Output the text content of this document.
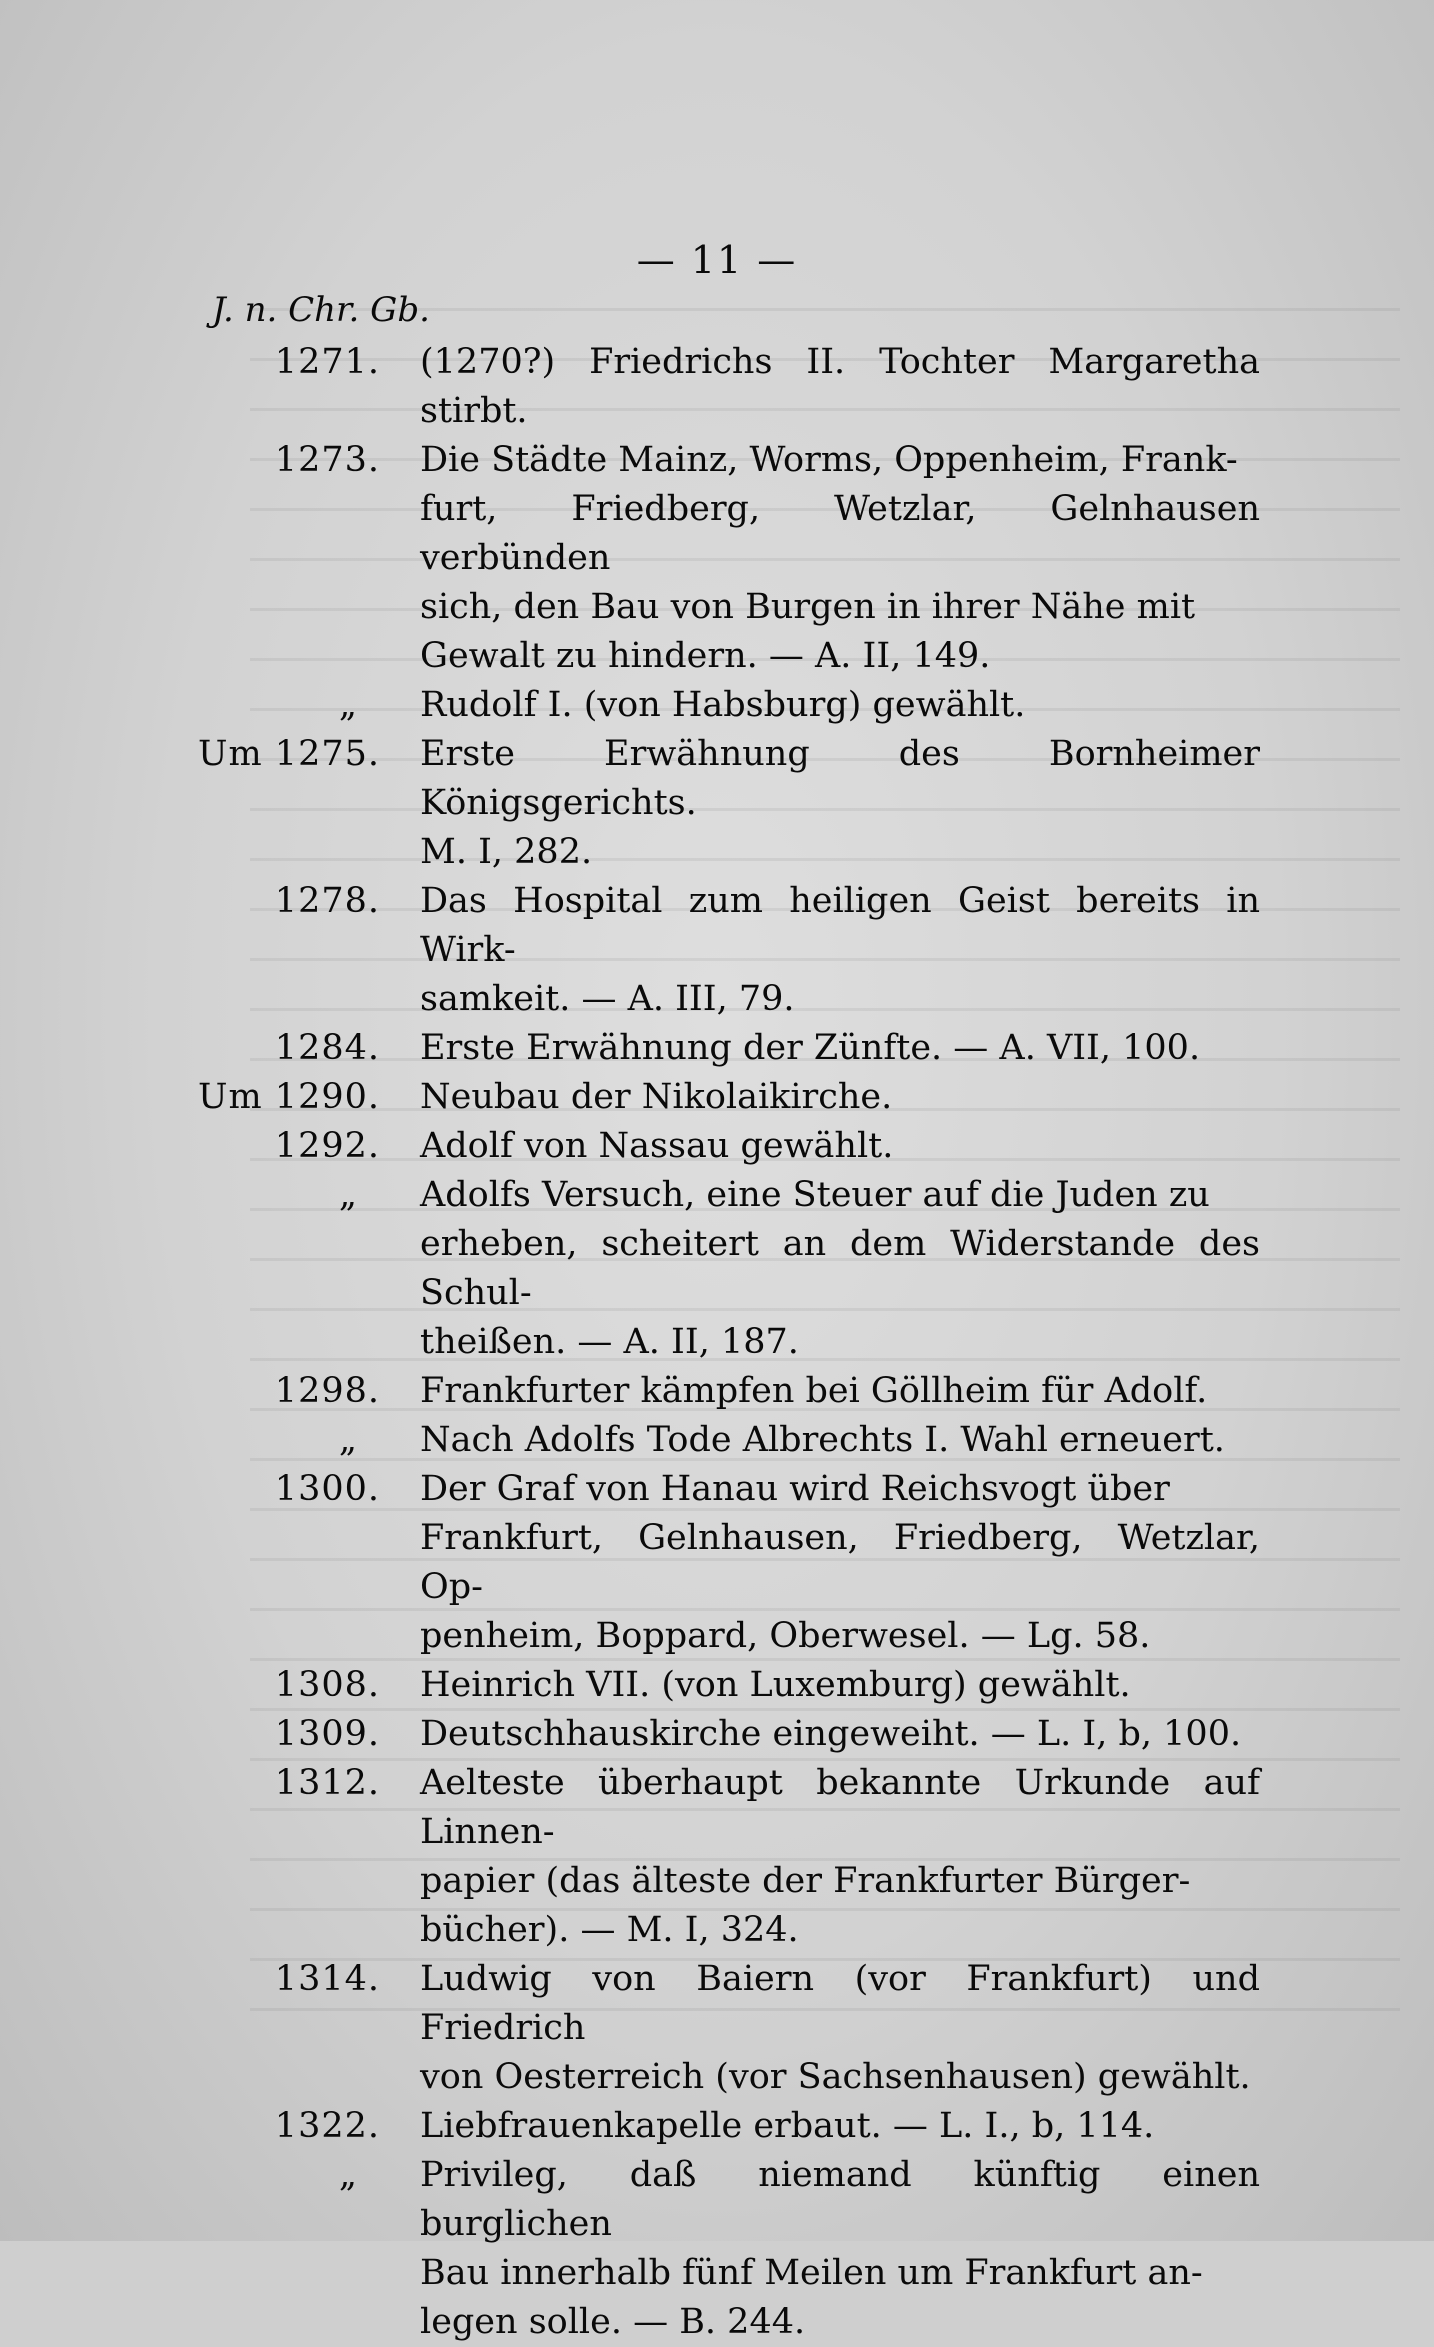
— 11 —
J. n. Chr. Gb.
1271.	(1270?) Friedrichs II. Tochter Margaretha stirbt.
1273.	Die Städte Mainz, Worms, Oppenheim, Frank-
furt, Friedberg, Wetzlar, Gelnhausen verbünden
sich, den Bau von Burgen in ihrer Nähe mit
Gewalt zu hindern. — A. II, 149.
„	Rudolf I. (von Habsburg) gewählt.
Um 1275.	Erste Erwähnung des Bornheimer Königsgerichts.
M. I, 282.
1278.	Das Hospital zum heiligen Geist bereits in Wirk-
samkeit. — A. III, 79.
1284.	Erste Erwähnung der Zünfte. — A. VII, 100.
Um 1290.	Neubau der Nikolaikirche.
1292.	Adolf von Nassau gewählt.
„	Adolfs Versuch, eine Steuer auf die Juden zu
erheben, scheitert an dem Widerstande des Schul-
theißen. — A. II, 187.
1298.	Frankfurter kämpfen bei Göllheim für Adolf.
„	Nach Adolfs Tode Albrechts I. Wahl erneuert.
1300.	Der Graf von Hanau wird Reichsvogt über
Frankfurt, Gelnhausen, Friedberg, Wetzlar, Op-
penheim, Boppard, Oberwesel. — Lg. 58.
1308.	Heinrich VII. (von Luxemburg) gewählt.
1309.	Deutschhauskirche eingeweiht. — L. I, b, 100.
1312.	Aelteste überhaupt bekannte Urkunde auf Linnen-
papier (das älteste der Frankfurter Bürger-
bücher). — M. I, 324.
1314.	Ludwig von Baiern (vor Frankfurt) und Friedrich
von Oesterreich (vor Sachsenhausen) gewählt.
1322.	Liebfrauenkapelle erbaut. — L. I., b, 114.
„	Privileg, daß niemand künftig einen burglichen
Bau innerhalb fünf Meilen um Frankfurt an-
legen solle. — B. 244.
